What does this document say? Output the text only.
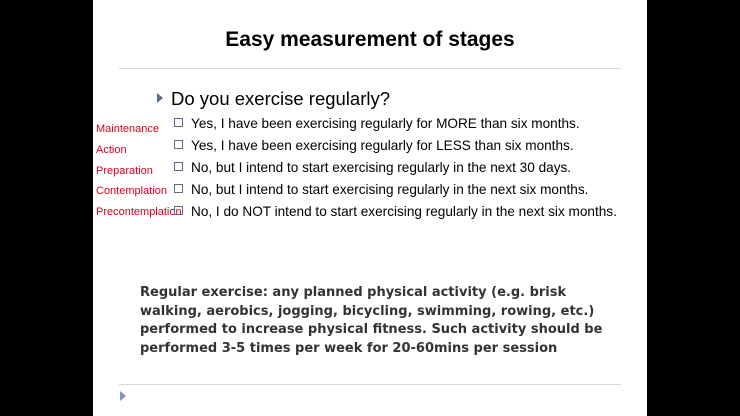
Easy measurement of stages
Do you exercise regularly?
Maintenance
Action
Preparation
Contemplation
Precontemplation
Yes, I have been exercising regularly for MORE than six months.
Yes, I have been exercising regularly for LESS than six months.
No, but I intend to start exercising regularly in the next 30 days.
No, but I intend to start exercising regularly in the next six months.
No, I do NOT intend to start exercising regularly in the next six months.
Regular exercise: any planned physical activity (e.g. brisk walking, aerobics, jogging, bicycling, swimming, rowing, etc.) performed to increase physical fitness. Such activity should be performed 3-5 times per week for 20-60mins per session
